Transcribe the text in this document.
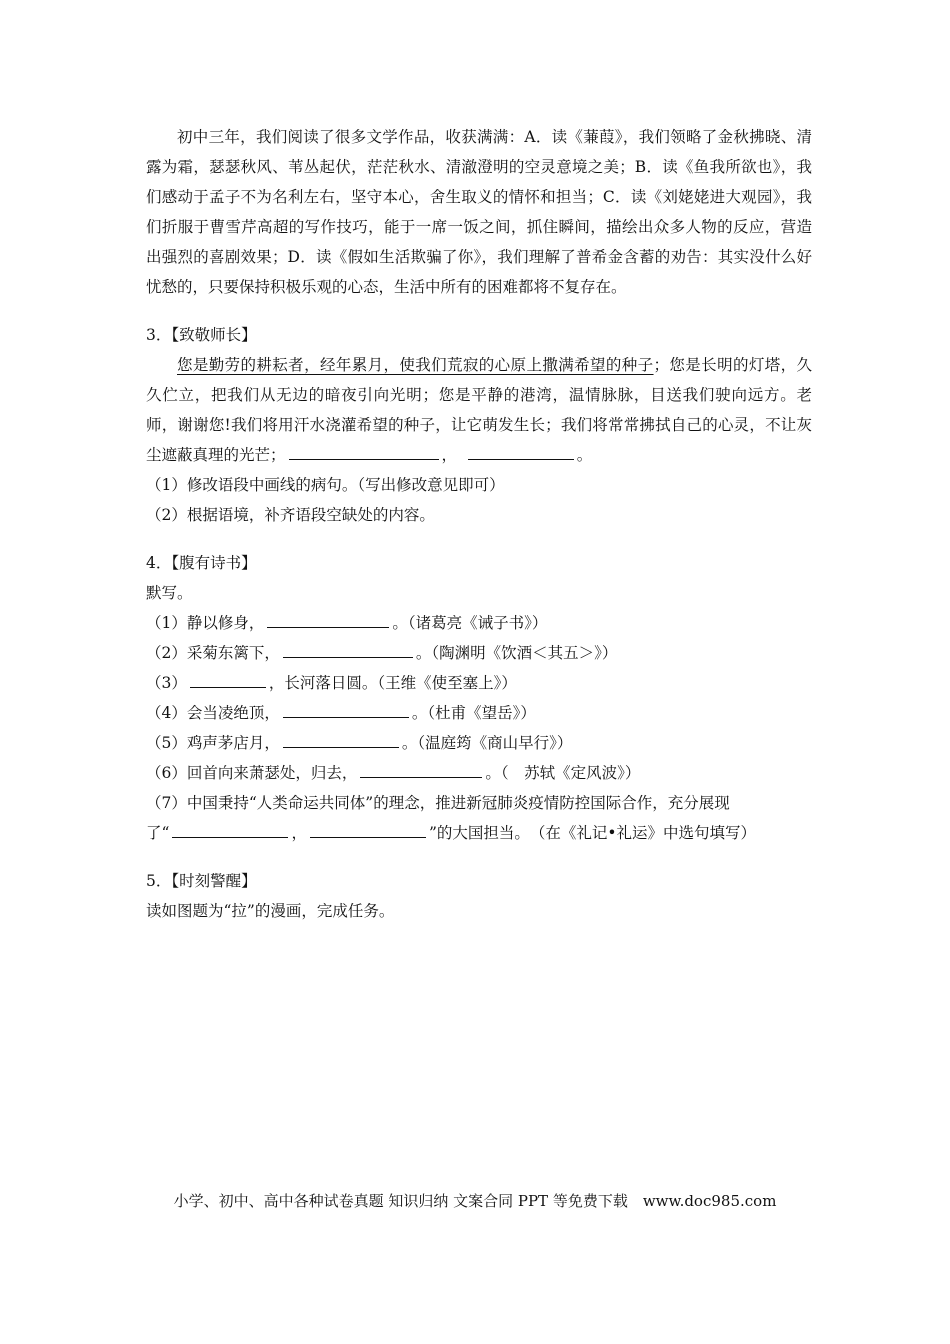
初中三年，我们阅读了很多文学作品，收获满满：A．读《蒹葭》，我们领略了金秋拂晓、清露为霜，瑟瑟秋风、苇丛起伏，茫茫秋水、清澈澄明的空灵意境之美；B．读《鱼我所欲也》，我们感动于孟子不为名利左右，坚守本心，舍生取义的情怀和担当；C．读《刘姥姥进大观园》，我们折服于曹雪芹高超的写作技巧，能于一席一饭之间，抓住瞬间，描绘出众多人物的反应，营造出强烈的喜剧效果；D．读《假如生活欺骗了你》，我们理解了普希金含蓄的劝告：其实没什么好忧愁的，只要保持积极乐观的心态，生活中所有的困难都将不复存在。

3．【致敬师长】

您是勤劳的耕耘者，经年累月，使我们荒寂的心原上撒满希望的种子；您是长明的灯塔，久久伫立，把我们从无边的暗夜引向光明；您是平静的港湾，温情脉脉，目送我们驶向远方。老师，谢谢您!我们将用汗水浇灌希望的种子，让它萌发生长；我们将常常拂拭自己的心灵，不让灰尘遮蔽真理的光芒；	，　	。

（1）修改语段中画线的病句。（写出修改意见即可）

（2）根据语境，补齐语段空缺处的内容。

4．【腹有诗书】

默写。

（1）静以修身，	。（诸葛亮《诫子书》）

（2）采菊东篱下，	。（陶渊明《饮酒＜其五＞》）

（3）	，长河落日圆。（王维《使至塞上》）

（4）会当凌绝顶，	。（杜甫《望岳》）

（5）鸡声茅店月，	。（温庭筠《商山早行》）

（6）回首向来萧瑟处，归去，	。（　苏轼《定风波》）

（7）中国秉持“人类命运共同体”的理念，推进新冠肺炎疫情防控国际合作，充分展现

了“	，	”的大国担当。　（在《礼记•礼运》中选句填写）

5．【时刻警醒】

读如图题为“拉”的漫画，完成任务。

小学、初中、高中各种试卷真题 知识归纳 文案合同 PPT 等免费下载　www.doc985.com
